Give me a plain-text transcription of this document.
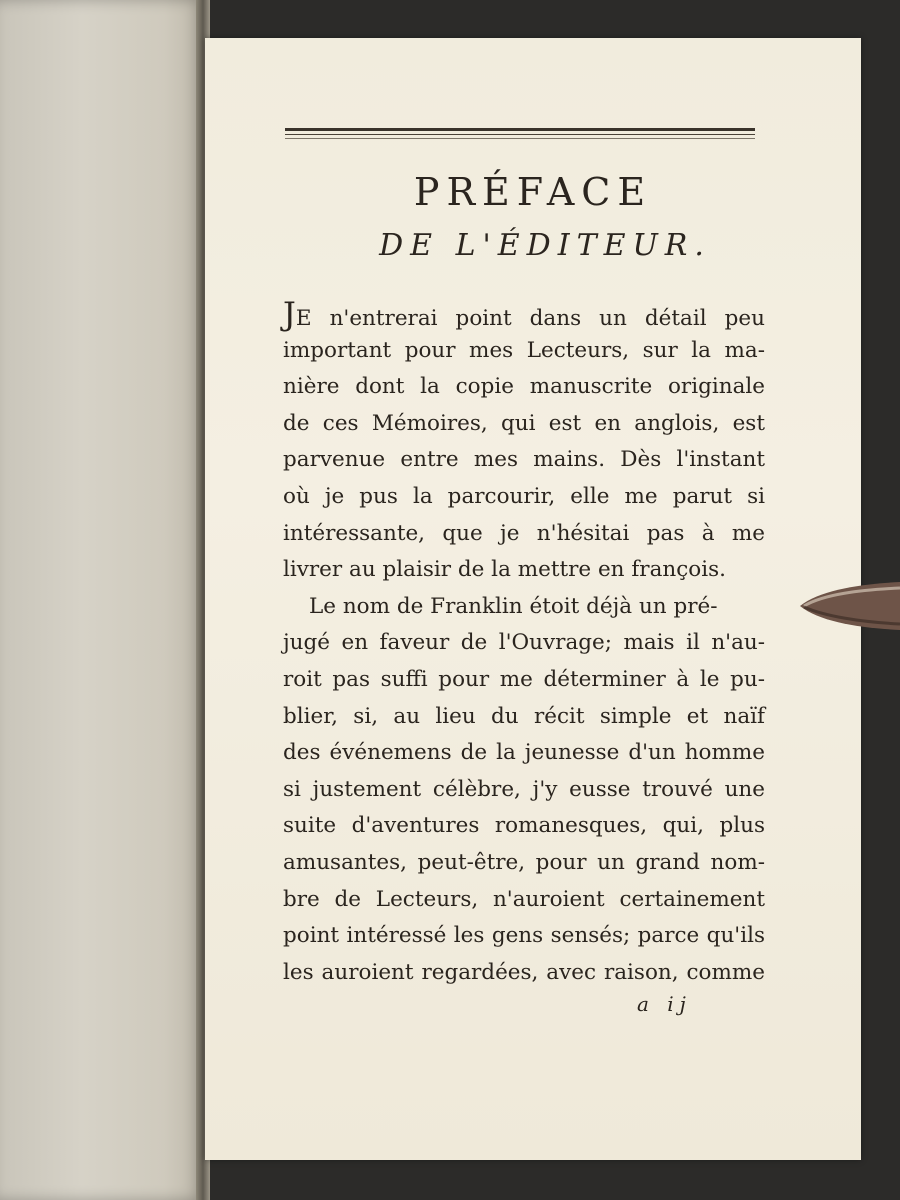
PRÉFACE
DE L'ÉDITEUR.
JE n'entrerai point dans un détail peu
important pour mes Lecteurs, sur la ma-
nière dont la copie manuscrite originale
de ces Mémoires, qui est en anglois, est
parvenue entre mes mains. Dès l'instant
où je pus la parcourir, elle me parut si
intéressante, que je n'hésitai pas à me
livrer au plaisir de la mettre en françois.
Le nom de Franklin étoit déjà un pré-
jugé en faveur de l'Ouvrage; mais il n'au-
roit pas suffi pour me déterminer à le pu-
blier, si, au lieu du récit simple et naïf
des événemens de la jeunesse d'un homme
si justement célèbre, j'y eusse trouvé une
suite d'aventures romanesques, qui, plus
amusantes, peut-être, pour un grand nom-
bre de Lecteurs, n'auroient certainement
point intéressé les gens sensés; parce qu'ils
les auroient regardées, avec raison, comme
a ij
